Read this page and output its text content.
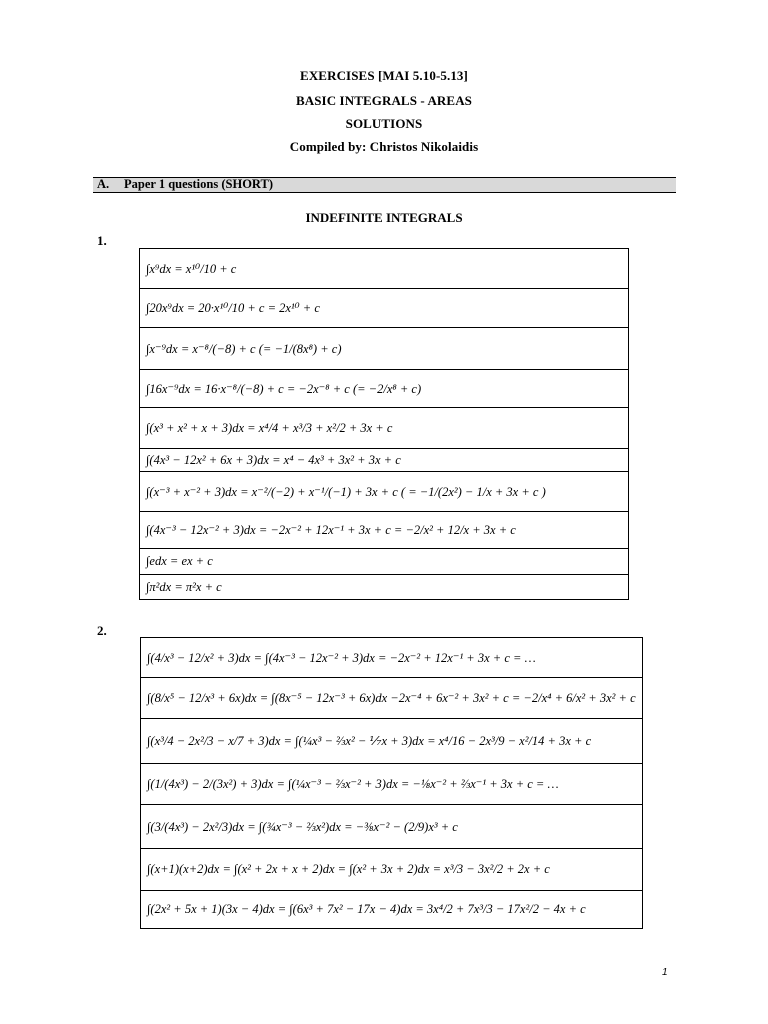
EXERCISES [MAI 5.10-5.13]
BASIC INTEGRALS - AREAS
SOLUTIONS
Compiled by: Christos Nikolaidis
A. Paper 1 questions (SHORT)
INDEFINITE INTEGRALS
1.
∫x⁹dx = x¹⁰/10 + c
∫20x⁹dx = 20·x¹⁰/10 + c = 2x¹⁰ + c
∫x⁻⁹dx = x⁻⁸/(−8) + c (= −1/(8x⁸) + c)
∫16x⁻⁹dx = 16·x⁻⁸/(−8) + c = −2x⁻⁸ + c (= −2/x⁸ + c)
∫(x³ + x² + x + 3)dx = x⁴/4 + x³/3 + x²/2 + 3x + c
∫(4x³ − 12x² + 6x + 3)dx = x⁴ − 4x³ + 3x² + 3x + c
∫(x⁻³ + x⁻² + 3)dx = x⁻²/(−2) + x⁻¹/(−1) + 3x + c ( = −1/(2x²) − 1/x + 3x + c )
∫(4x⁻³ − 12x⁻² + 3)dx = −2x⁻² + 12x⁻¹ + 3x + c = −2/x² + 12/x + 3x + c
∫edx = ex + c
∫π²dx = π²x + c
2.
∫(4/x³ − 12/x² + 3)dx = ∫(4x⁻³ − 12x⁻² + 3)dx = −2x⁻² + 12x⁻¹ + 3x + c = …
∫(8/x⁵ − 12/x³ + 6x)dx = ∫(8x⁻⁵ − 12x⁻³ + 6x)dx −2x⁻⁴ + 6x⁻² + 3x² + c = −2/x⁴ + 6/x² + 3x² + c
∫(x³/4 − 2x²/3 − x/7 + 3)dx = ∫(¼x³ − ⅔x² − ⅐x + 3)dx = x⁴/16 − 2x³/9 − x²/14 + 3x + c
∫(1/(4x³) − 2/(3x²) + 3)dx = ∫(¼x⁻³ − ⅔x⁻² + 3)dx = −⅛x⁻² + ⅔x⁻¹ + 3x + c = …
∫(3/(4x³) − 2x²/3)dx = ∫(¾x⁻³ − ⅔x²)dx = −⅜x⁻² − (2/9)x³ + c
∫(x+1)(x+2)dx = ∫(x² + 2x + x + 2)dx = ∫(x² + 3x + 2)dx = x³/3 − 3x²/2 + 2x + c
∫(2x² + 5x + 1)(3x − 4)dx = ∫(6x³ + 7x² − 17x − 4)dx = 3x⁴/2 + 7x³/3 − 17x²/2 − 4x + c
1
